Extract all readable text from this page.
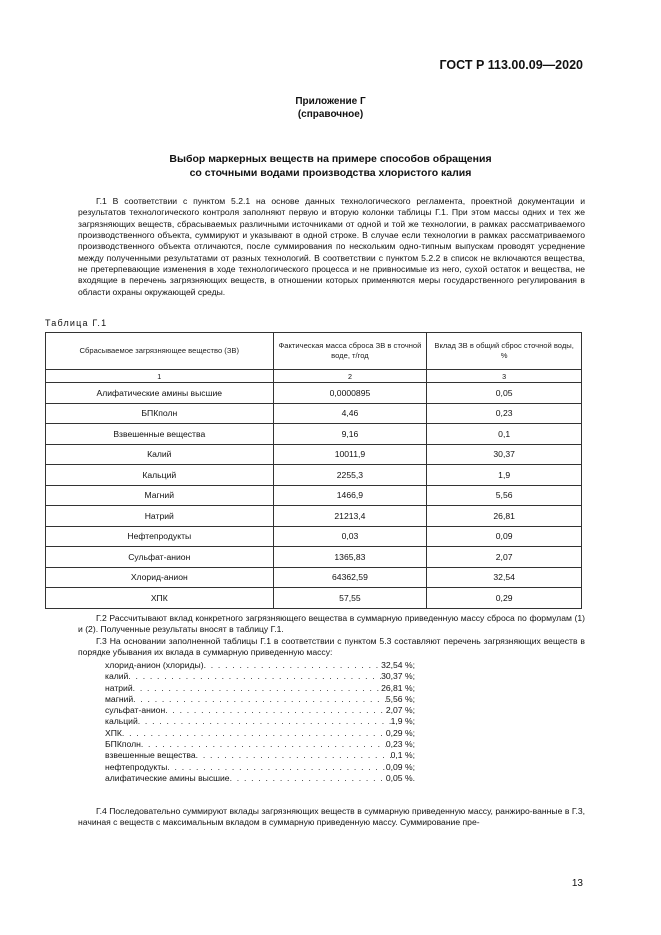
ГОСТ Р 113.00.09—2020
Приложение Г
(справочное)
Выбор маркерных веществ на примере способов обращения
со сточными водами производства хлористого калия
Г.1 В соответствии с пунктом 5.2.1 на основе данных технологического регламента, проектной документации и результатов технологического контроля заполняют первую и вторую колонки таблицы Г.1. При этом массы одних и тех же загрязняющих веществ, сбрасываемых различными источниками от одной и той же технологии, в рамках рассматриваемого производственного объекта, суммируют и указывают в одной строке. В случае если технологии в рамках рассматриваемого производственного объекта отличаются, после суммирования по нескольким одно-типным выпускам проводят усреднение между полученными результатами от разных технологий. В соответствии с пунктом 5.2.2 в список не включаются вещества, не претерпевающие изменения в ходе технологического процесса и не привносимые из него, сухой остаток и вещества, не входящие в перечень загрязняющих веществ, в отношении которых применяются меры государственного регулирования в области охраны окружающей среды.
Таблица Г.1
Сбрасываемое загрязняющее вещество (ЗВ)	Фактическая масса сброса ЗВ в сточной воде, т/год	Вклад ЗВ в общий сброс сточной воды, %
1	2	3
Алифатические амины высшие	0,0000895	0,05
БПКполн	4,46	0,23
Взвешенные вещества	9,16	0,1
Калий	10011,9	30,37
Кальций	2255,3	1,9
Магний	1466,9	5,56
Натрий	21213,4	26,81
Нефтепродукты	0,03	0,09
Сульфат-анион	1365,83	2,07
Хлорид-анион	64362,59	32,54
ХПК	57,55	0,29
Г.2 Рассчитывают вклад конкретного загрязняющего вещества в суммарную приведенную массу сброса по формулам (1) и (2). Полученные результаты вносят в таблицу Г.1.
Г.3 На основании заполненной таблицы Г.1 в соответствии с пунктом 5.3 составляют перечень загрязняющих веществ в порядке убывания их вклада в суммарную приведенную массу:
хлорид-анион (хлориды) . . .	32,54 %;
калий . . .	30,37 %;
натрий . . .	26,81 %;
магний . . .	5,56 %;
сульфат-анион . . .	2,07 %;
кальций . . .	1,9 %;
ХПК . . .	0,29 %;
БПКполн . . .	0,23 %;
взвешенные вещества . . .	0,1 %;
нефтепродукты . . .	0,09 %;
алифатические амины высшие . . .	0,05 %.
Г.4 Последовательно суммируют вклады загрязняющих веществ в суммарную приведенную массу, ранжиро-ванные в Г.3, начиная с веществ с максимальным вкладом в суммарную приведенную массу. Суммирование пре-
13
